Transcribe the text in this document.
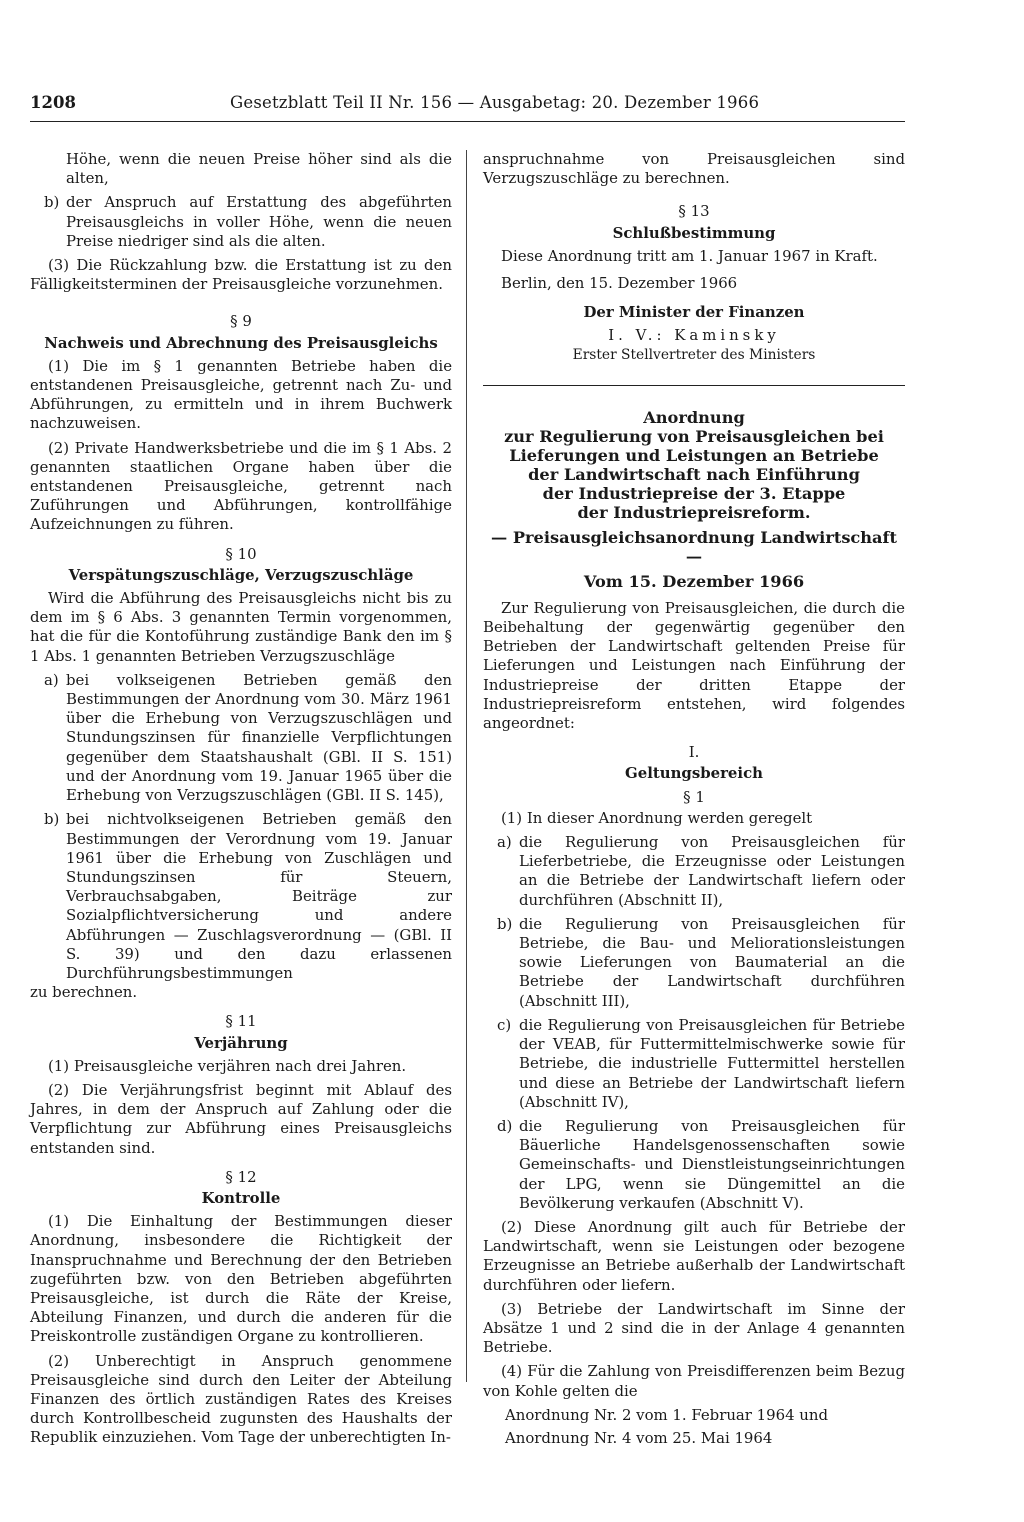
1208	Gesetzblatt Teil II Nr. 156 — Ausgabetag: 20. Dezember 1966

Höhe, wenn die neuen Preise höher sind als die alten,

b) der Anspruch auf Erstattung des abgeführten Preisausgleichs in voller Höhe, wenn die neuen Preise niedriger sind als die alten.

(3) Die Rückzahlung bzw. die Erstattung ist zu den Fälligkeitsterminen der Preisausgleiche vorzunehmen.

§ 9
Nachweis und Abrechnung des Preisausgleichs

(1) Die im § 1 genannten Betriebe haben die entstandenen Preisausgleiche, getrennt nach Zu- und Abführungen, zu ermitteln und in ihrem Buchwerk nachzuweisen.

(2) Private Handwerksbetriebe und die im § 1 Abs. 2 genannten staatlichen Organe haben über die entstandenen Preisausgleiche, getrennt nach Zuführungen und Abführungen, kontrollfähige Aufzeichnungen zu führen.

§ 10
Verspätungszuschläge, Verzugszuschläge

Wird die Abführung des Preisausgleichs nicht bis zu dem im § 6 Abs. 3 genannten Termin vorgenommen, hat die für die Kontoführung zuständige Bank den im § 1 Abs. 1 genannten Betrieben Verzugszuschläge

a) bei volkseigenen Betrieben gemäß den Bestimmungen der Anordnung vom 30. März 1961 über die Erhebung von Verzugszuschlägen und Stundungszinsen für finanzielle Verpflichtungen gegenüber dem Staatshaushalt (GBl. II S. 151) und der Anordnung vom 19. Januar 1965 über die Erhebung von Verzugszuschlägen (GBl. II S. 145),
b) bei nichtvolkseigenen Betrieben gemäß den Bestimmungen der Verordnung vom 19. Januar 1961 über die Erhebung von Zuschlägen und Stundungszinsen für Steuern, Verbrauchsabgaben, Beiträge zur Sozialpflichtversicherung und andere Abführungen — Zuschlagsverordnung — (GBl. II S. 39) und den dazu erlassenen Durchführungsbestimmungen

zu berechnen.

§ 11
Verjährung

(1) Preisausgleiche verjähren nach drei Jahren.

(2) Die Verjährungsfrist beginnt mit Ablauf des Jahres, in dem der Anspruch auf Zahlung oder die Verpflichtung zur Abführung eines Preisausgleichs entstanden sind.

§ 12
Kontrolle

(1) Die Einhaltung der Bestimmungen dieser Anordnung, insbesondere die Richtigkeit der Inanspruchnahme und Berechnung der den Betrieben zugeführten bzw. von den Betrieben abgeführten Preisausgleiche, ist durch die Räte der Kreise, Abteilung Finanzen, und durch die anderen für die Preiskontrolle zuständigen Organe zu kontrollieren.

(2) Unberechtigt in Anspruch genommene Preisausgleiche sind durch den Leiter der Abteilung Finanzen des örtlich zuständigen Rates des Kreises durch Kontrollbescheid zugunsten des Haushalts der Republik einzuziehen. Vom Tage der unberechtigten In-

anspruchnahme von Preisausgleichen sind Verzugszuschläge zu berechnen.

§ 13
Schlußbestimmung

Diese Anordnung tritt am 1. Januar 1967 in Kraft.

Berlin, den 15. Dezember 1966

Der Minister der Finanzen
I. V.: Kaminsky
Erster Stellvertreter des Ministers
Anordnung
zur Regulierung von Preisausgleichen bei
Lieferungen und Leistungen an Betriebe
der Landwirtschaft nach Einführung
der Industriepreise der 3. Etappe
der Industriepreisreform.
— Preisausgleichsanordnung Landwirtschaft —
Vom 15. Dezember 1966

Zur Regulierung von Preisausgleichen, die durch die Beibehaltung der gegenwärtig gegenüber den Betrieben der Landwirtschaft geltenden Preise für Lieferungen und Leistungen nach Einführung der Industriepreise der dritten Etappe der Industriepreisreform entstehen, wird folgendes angeordnet:

I.
Geltungsbereich
§ 1

(1) In dieser Anordnung werden geregelt

a) die Regulierung von Preisausgleichen für Lieferbetriebe, die Erzeugnisse oder Leistungen an die Betriebe der Landwirtschaft liefern oder durchführen (Abschnitt II),
b) die Regulierung von Preisausgleichen für Betriebe, die Bau- und Meliorationsleistungen sowie Lieferungen von Baumaterial an die Betriebe der Landwirtschaft durchführen (Abschnitt III),
c) die Regulierung von Preisausgleichen für Betriebe der VEAB, für Futtermittelmischwerke sowie für Betriebe, die industrielle Futtermittel herstellen und diese an Betriebe der Landwirtschaft liefern (Abschnitt IV),
d) die Regulierung von Preisausgleichen für Bäuerliche Handelsgenossenschaften sowie Gemeinschafts- und Dienstleistungseinrichtungen der LPG, wenn sie Düngemittel an die Bevölkerung verkaufen (Abschnitt V).

(2) Diese Anordnung gilt auch für Betriebe der Landwirtschaft, wenn sie Leistungen oder bezogene Erzeugnisse an Betriebe außerhalb der Landwirtschaft durchführen oder liefern.

(3) Betriebe der Landwirtschaft im Sinne der Absätze 1 und 2 sind die in der Anlage 4 genannten Betriebe.

(4) Für die Zahlung von Preisdifferenzen beim Bezug von Kohle gelten die

Anordnung Nr. 2 vom 1. Februar 1964 und

Anordnung Nr. 4 vom 25. Mai 1964
